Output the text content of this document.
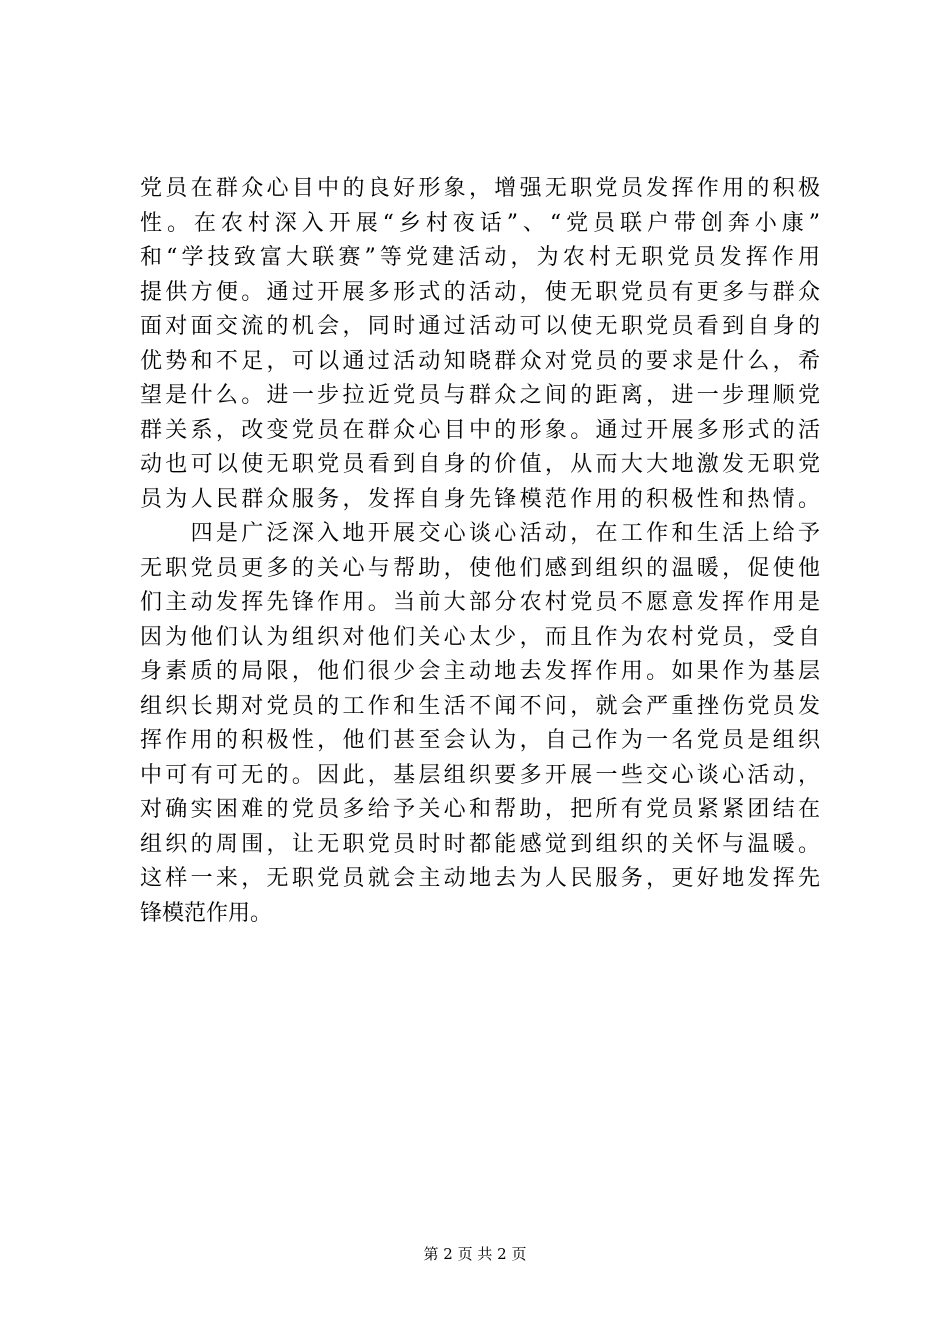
党员在群众心目中的良好形象，增强无职党员发挥作用的积极
性。在农村深入开展“乡村夜话”、“党员联户带创奔小康”
和“学技致富大联赛”等党建活动，为农村无职党员发挥作用
提供方便。通过开展多形式的活动，使无职党员有更多与群众
面对面交流的机会，同时通过活动可以使无职党员看到自身的
优势和不足，可以通过活动知晓群众对党员的要求是什么，希
望是什么。进一步拉近党员与群众之间的距离，进一步理顺党
群关系，改变党员在群众心目中的形象。通过开展多形式的活
动也可以使无职党员看到自身的价值，从而大大地激发无职党
员为人民群众服务，发挥自身先锋模范作用的积极性和热情。
　　四是广泛深入地开展交心谈心活动，在工作和生活上给予
无职党员更多的关心与帮助，使他们感到组织的温暖，促使他
们主动发挥先锋作用。当前大部分农村党员不愿意发挥作用是
因为他们认为组织对他们关心太少，而且作为农村党员，受自
身素质的局限，他们很少会主动地去发挥作用。如果作为基层
组织长期对党员的工作和生活不闻不问，就会严重挫伤党员发
挥作用的积极性，他们甚至会认为，自己作为一名党员是组织
中可有可无的。因此，基层组织要多开展一些交心谈心活动，
对确实困难的党员多给予关心和帮助，把所有党员紧紧团结在
组织的周围，让无职党员时时都能感觉到组织的关怀与温暖。
这样一来，无职党员就会主动地去为人民服务，更好地发挥先
锋模范作用。
第 2 页 共 2 页
